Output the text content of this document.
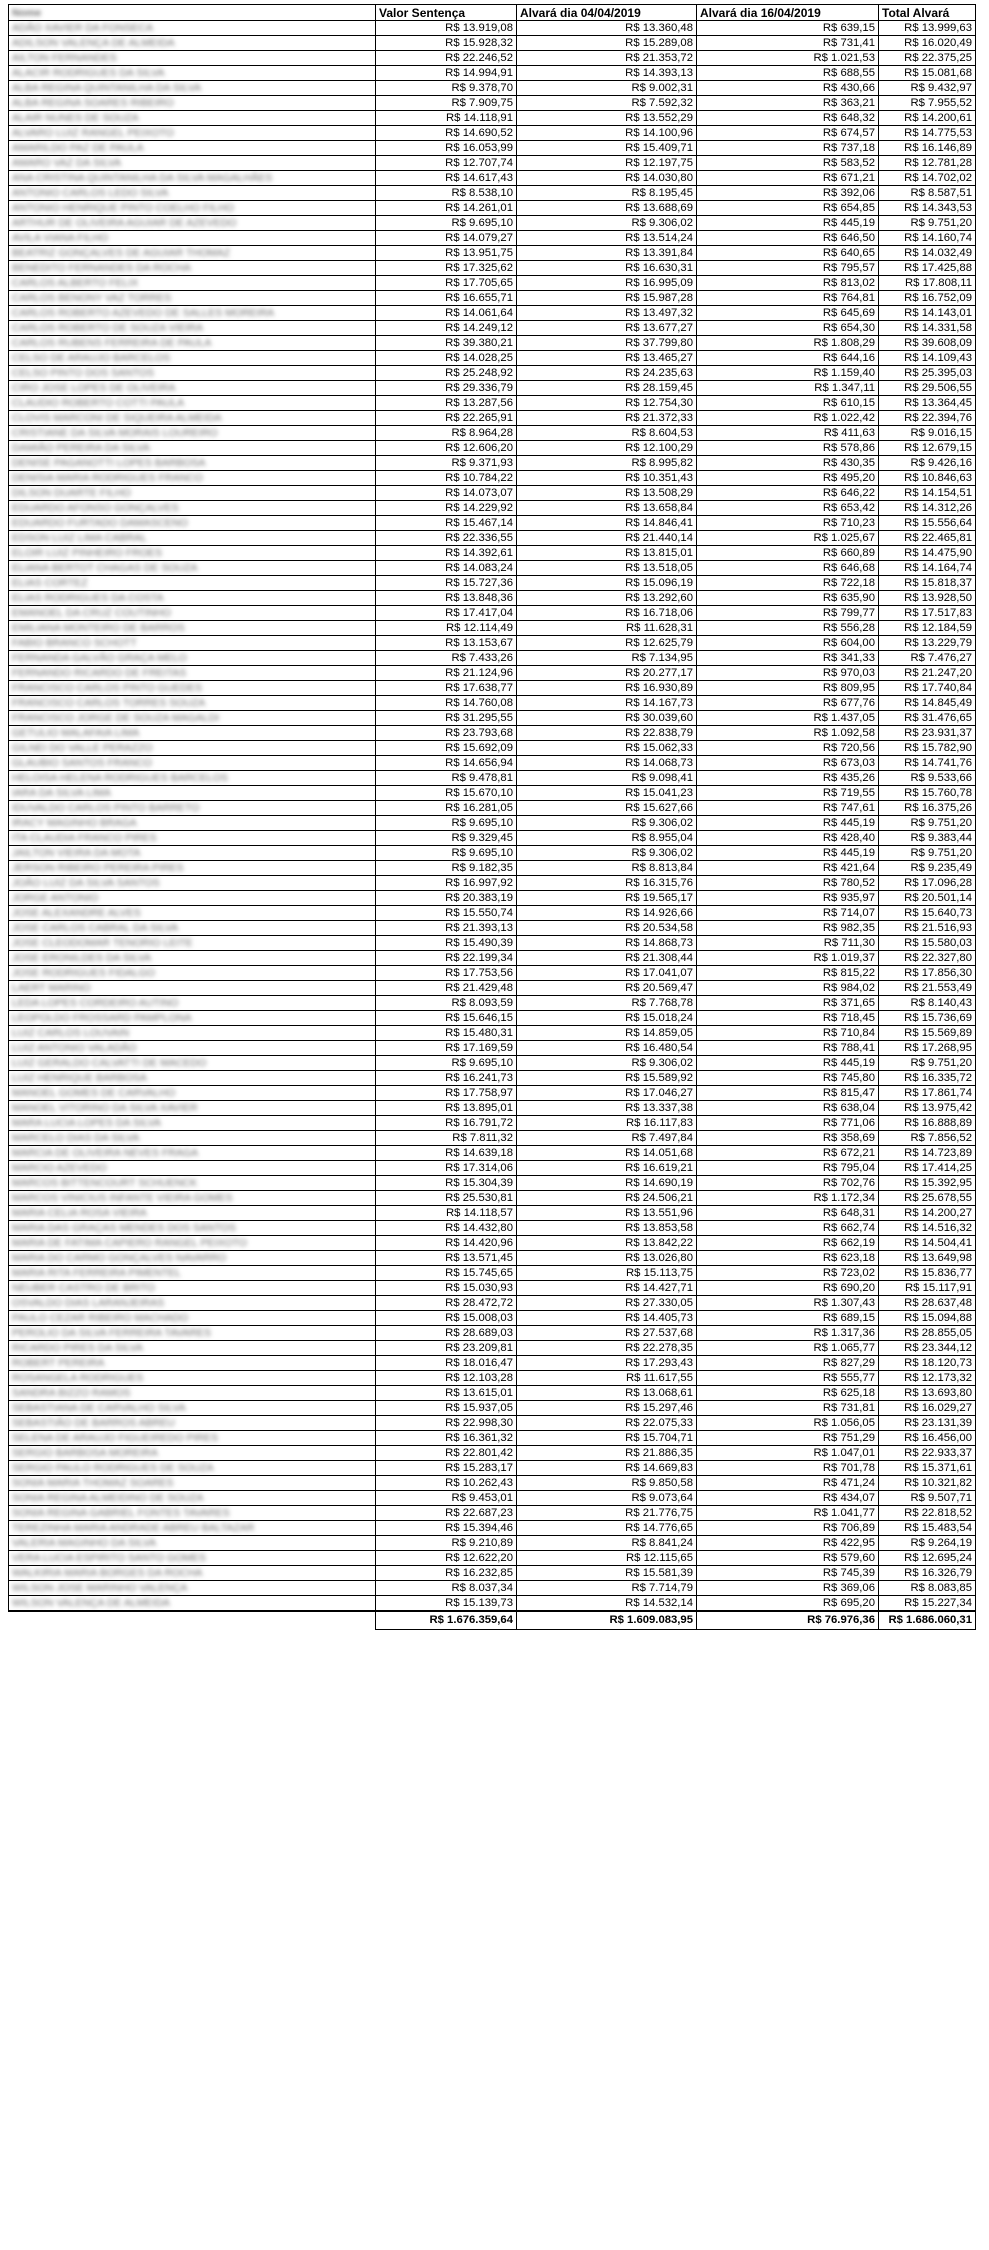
Nome	Valor Sentença	Alvará dia 04/04/2019	Alvará dia 16/04/2019	Total Alvará
ADÃO XAVIER DA FONSECA	R$ 13.919,08	R$ 13.360,48	R$ 639,15	R$ 13.999,63
ADILSON VALENÇA DE ALMEIDA	R$ 15.928,32	R$ 15.289,08	R$ 731,41	R$ 16.020,49
AILTON FERNANDES	R$ 22.246,52	R$ 21.353,72	R$ 1.021,53	R$ 22.375,25
ALACIR RODRIGUES DA SILVA	R$ 14.994,91	R$ 14.393,13	R$ 688,55	R$ 15.081,68
ALBA REGINA QUINTANILHA DA SILVA	R$ 9.378,70	R$ 9.002,31	R$ 430,66	R$ 9.432,97
ALBA REGINA SOARES RIBEIRO	R$ 7.909,75	R$ 7.592,32	R$ 363,21	R$ 7.955,52
ALAIR NUNES DE SOUZA	R$ 14.118,91	R$ 13.552,29	R$ 648,32	R$ 14.200,61
ALVARO LUIZ RANGEL PEIXOTO	R$ 14.690,52	R$ 14.100,96	R$ 674,57	R$ 14.775,53
AMARILDO PAZ DE PAULA	R$ 16.053,99	R$ 15.409,71	R$ 737,18	R$ 16.146,89
AMARO VAZ DA SILVA	R$ 12.707,74	R$ 12.197,75	R$ 583,52	R$ 12.781,28
ANA CRISTINA QUINTANILHA DA SILVA MAGALHÃES	R$ 14.617,43	R$ 14.030,80	R$ 671,21	R$ 14.702,02
ANTONIO CARLOS LEDO SILVA	R$ 8.538,10	R$ 8.195,45	R$ 392,06	R$ 8.587,51
ANTONIO HENRIQUE PINTO COELHO FILHO	R$ 14.261,01	R$ 13.688,69	R$ 654,85	R$ 14.343,53
ARTHUR DE OLIVEIRA AGUIAR DE AZEVEDO	R$ 9.695,10	R$ 9.306,02	R$ 445,19	R$ 9.751,20
AVILA VIANA FILHO	R$ 14.079,27	R$ 13.514,24	R$ 646,50	R$ 14.160,74
BEATRIZ GONÇALVES DE AGUIAR THOMAZ	R$ 13.951,75	R$ 13.391,84	R$ 640,65	R$ 14.032,49
BENEDITO FERNANDES DA ROCHA	R$ 17.325,62	R$ 16.630,31	R$ 795,57	R$ 17.425,88
CARLOS ALBERTO FELIX	R$ 17.705,65	R$ 16.995,09	R$ 813,02	R$ 17.808,11
CARLOS BENONY VAZ TORRES	R$ 16.655,71	R$ 15.987,28	R$ 764,81	R$ 16.752,09
CARLOS ROBERTO AZEVEDO DE SALLES MOREIRA	R$ 14.061,64	R$ 13.497,32	R$ 645,69	R$ 14.143,01
CARLOS ROBERTO DE SOUZA VIEIRA	R$ 14.249,12	R$ 13.677,27	R$ 654,30	R$ 14.331,58
CARLOS RUBENS FERREIRA DE PAULA	R$ 39.380,21	R$ 37.799,80	R$ 1.808,29	R$ 39.608,09
CELSO DE ARAUJO BARCELOS	R$ 14.028,25	R$ 13.465,27	R$ 644,16	R$ 14.109,43
CELSO PINTO DOS SANTOS	R$ 25.248,92	R$ 24.235,63	R$ 1.159,40	R$ 25.395,03
CIRO JOSE LOPES DE OLIVEIRA	R$ 29.336,79	R$ 28.159,45	R$ 1.347,11	R$ 29.506,55
CLAUDIO ROBERTO COTTI PAULA	R$ 13.287,56	R$ 12.754,30	R$ 610,15	R$ 13.364,45
CLOVIS MARCONI DE SIQUEIRA ALMEIDA	R$ 22.265,91	R$ 21.372,33	R$ 1.022,42	R$ 22.394,76
CRISTIANE DA SILVA MORAIS LOUREIRO	R$ 8.964,28	R$ 8.604,53	R$ 411,63	R$ 9.016,15
DAMIÃO PEREIRA DA SILVA	R$ 12.606,20	R$ 12.100,29	R$ 578,86	R$ 12.679,15
DENISE PAGANOTTI LOPES BARBOSA	R$ 9.371,93	R$ 8.995,82	R$ 430,35	R$ 9.426,16
DENISIA MARIA RODRIGUES FRANCO	R$ 10.784,22	R$ 10.351,43	R$ 495,20	R$ 10.846,63
DILSON DUARTE FILHO	R$ 14.073,07	R$ 13.508,29	R$ 646,22	R$ 14.154,51
EDUARDO AFONSO GONÇALVES	R$ 14.229,92	R$ 13.658,84	R$ 653,42	R$ 14.312,26
EDUARDO FURTADO DAMASCENO	R$ 15.467,14	R$ 14.846,41	R$ 710,23	R$ 15.556,64
EDSON LUIZ LIMA CABRAL	R$ 22.336,55	R$ 21.440,14	R$ 1.025,67	R$ 22.465,81
ELOIR LUIZ PINHEIRO FROES	R$ 14.392,61	R$ 13.815,01	R$ 660,89	R$ 14.475,90
ELIANA BERTOT CHAGAS DE SOUZA	R$ 14.083,24	R$ 13.518,05	R$ 646,68	R$ 14.164,74
ELIAS CORTEZ	R$ 15.727,36	R$ 15.096,19	R$ 722,18	R$ 15.818,37
ELIAS RODRIGUES DA COSTA	R$ 13.848,36	R$ 13.292,60	R$ 635,90	R$ 13.928,50
EMANOEL DA CRUZ COUTINHO	R$ 17.417,04	R$ 16.718,06	R$ 799,77	R$ 17.517,83
EMILIANA MONTEIRO DE BARROS	R$ 12.114,49	R$ 11.628,31	R$ 556,28	R$ 12.184,59
FABIO BRANCO SCHOTT	R$ 13.153,67	R$ 12.625,79	R$ 604,00	R$ 13.229,79
FERNANDA GALVÃO GRAÇA MELO	R$ 7.433,26	R$ 7.134,95	R$ 341,33	R$ 7.476,27
FERNANDO RICARDO DE FREITAS	R$ 21.124,96	R$ 20.277,17	R$ 970,03	R$ 21.247,20
FRANCISCO CARLOS PINTO GUEDES	R$ 17.638,77	R$ 16.930,89	R$ 809,95	R$ 17.740,84
FRANCISCO CARLOS TORRES SOUZA	R$ 14.760,08	R$ 14.167,73	R$ 677,76	R$ 14.845,49
FRANCISCO JORGE DE SOUZA MAGALDI	R$ 31.295,55	R$ 30.039,60	R$ 1.437,05	R$ 31.476,65
GETULIO MALAFAIA LIMA	R$ 23.793,68	R$ 22.838,79	R$ 1.092,58	R$ 23.931,37
GILNEI DO VALLE PERAZZO	R$ 15.692,09	R$ 15.062,33	R$ 720,56	R$ 15.782,90
GLAUBIO SANTOS FRANCO	R$ 14.656,94	R$ 14.068,73	R$ 673,03	R$ 14.741,76
HELOISA HELENA RODRIGUES BARCELOS	R$ 9.478,81	R$ 9.098,41	R$ 435,26	R$ 9.533,66
IARA DA SILVA LIMA	R$ 15.670,10	R$ 15.041,23	R$ 719,55	R$ 15.760,78
IDUVALDO CARLOS PINTO BARRETO	R$ 16.281,05	R$ 15.627,66	R$ 747,61	R$ 16.375,26
IRACY MAGINHO BRAGA	R$ 9.695,10	R$ 9.306,02	R$ 445,19	R$ 9.751,20
ITA CLAUDIA FRANCO PIRES	R$ 9.329,45	R$ 8.955,04	R$ 428,40	R$ 9.383,44
JAILTON VIEIRA DA MOTA	R$ 9.695,10	R$ 9.306,02	R$ 445,19	R$ 9.751,20
JERSON RIBEIRO PEREIRA PIRES	R$ 9.182,35	R$ 8.813,84	R$ 421,64	R$ 9.235,49
JOÃO LUIZ DA SILVA SANTOS	R$ 16.997,92	R$ 16.315,76	R$ 780,52	R$ 17.096,28
JORGE ANTONIO	R$ 20.383,19	R$ 19.565,17	R$ 935,97	R$ 20.501,14
JOSE ALEXANDRE ALVES	R$ 15.550,74	R$ 14.926,66	R$ 714,07	R$ 15.640,73
JOSE CARLOS CABRAL DA SILVA	R$ 21.393,13	R$ 20.534,58	R$ 982,35	R$ 21.516,93
JOSE CLEODOMAR TENORIO LEITE	R$ 15.490,39	R$ 14.868,73	R$ 711,30	R$ 15.580,03
JOSE ERONILDES DA SILVA	R$ 22.199,34	R$ 21.308,44	R$ 1.019,37	R$ 22.327,80
JOSE RODRIGUES FIDALGO	R$ 17.753,56	R$ 17.041,07	R$ 815,22	R$ 17.856,30
LAERT MARINO	R$ 21.429,48	R$ 20.569,47	R$ 984,02	R$ 21.553,49
LEDA LOPES CORDEIRO AUTINO	R$ 8.093,59	R$ 7.768,78	R$ 371,65	R$ 8.140,43
LEOPOLDO FROSSARD PAMPLONA	R$ 15.646,15	R$ 15.018,24	R$ 718,45	R$ 15.736,69
LUIZ CARLOS LOUVAIN	R$ 15.480,31	R$ 14.859,05	R$ 710,84	R$ 15.569,89
LUIZ ANTONIO VALADÃO	R$ 17.169,59	R$ 16.480,54	R$ 788,41	R$ 17.268,95
LUIZ GERALDO CALVATTI DE MACEDO	R$ 9.695,10	R$ 9.306,02	R$ 445,19	R$ 9.751,20
LUIZ HENRIQUE BARBOSA	R$ 16.241,73	R$ 15.589,92	R$ 745,80	R$ 16.335,72
MANOEL GOMES DE CARVALHO	R$ 17.758,97	R$ 17.046,27	R$ 815,47	R$ 17.861,74
MANOEL VITORINO DA SILVA XAVIER	R$ 13.895,01	R$ 13.337,38	R$ 638,04	R$ 13.975,42
MARA LUCIA LOPES DA SILVA	R$ 16.791,72	R$ 16.117,83	R$ 771,06	R$ 16.888,89
MARCELO DIAS DA SILVA	R$ 7.811,32	R$ 7.497,84	R$ 358,69	R$ 7.856,52
MARCIA DE OLIVEIRA NEVES FRAGA	R$ 14.639,18	R$ 14.051,68	R$ 672,21	R$ 14.723,89
MARCIO AZEVEDO	R$ 17.314,06	R$ 16.619,21	R$ 795,04	R$ 17.414,25
MARCOS BITTENCOURT SCHUENCK	R$ 15.304,39	R$ 14.690,19	R$ 702,76	R$ 15.392,95
MARCOS VINICIUS INFANTE VIEIRA GOMES	R$ 25.530,81	R$ 24.506,21	R$ 1.172,34	R$ 25.678,55
MARIA CELIA ROSA VIEIRA	R$ 14.118,57	R$ 13.551,96	R$ 648,31	R$ 14.200,27
MARIA DAS GRAÇAS MENDES DOS SANTOS	R$ 14.432,80	R$ 13.853,58	R$ 662,74	R$ 14.516,32
MARIA DE FATIMA CAPIERO RANGEL PEIXOTO	R$ 14.420,96	R$ 13.842,22	R$ 662,19	R$ 14.504,41
MARIA DO CARMO GONÇALVES NAVARRO	R$ 13.571,45	R$ 13.026,80	R$ 623,18	R$ 13.649,98
MARIA RITA FERREIRA PIMENTEL	R$ 15.745,65	R$ 15.113,75	R$ 723,02	R$ 15.836,77
NEUBER CASTRO DE BRITO	R$ 15.030,93	R$ 14.427,71	R$ 690,20	R$ 15.117,91
OSVALDO DIAS LARANJEIRAS	R$ 28.472,72	R$ 27.330,05	R$ 1.307,43	R$ 28.637,48
PAULO CEZAR RIBEIRO MACHADO	R$ 15.008,03	R$ 14.405,73	R$ 689,15	R$ 15.094,88
PEROLIO DA SILVA FERREIRA TAVARES	R$ 28.689,03	R$ 27.537,68	R$ 1.317,36	R$ 28.855,05
RICARDO PIRES DA SILVA	R$ 23.209,81	R$ 22.278,35	R$ 1.065,77	R$ 23.344,12
ROBERT PEREIRA	R$ 18.016,47	R$ 17.293,43	R$ 827,29	R$ 18.120,73
ROSANGELA RODRIGUES	R$ 12.103,28	R$ 11.617,55	R$ 555,77	R$ 12.173,32
SANDRA BIZZO RAMOS	R$ 13.615,01	R$ 13.068,61	R$ 625,18	R$ 13.693,80
SEBASTIANA DE CARVALHO SILVA	R$ 15.937,05	R$ 15.297,46	R$ 731,81	R$ 16.029,27
SEBASTIÃO DE BARROS ABREU	R$ 22.998,30	R$ 22.075,33	R$ 1.056,05	R$ 23.131,39
SELENA DE ARAUJO FIGUEIREDO PIRES	R$ 16.361,32	R$ 15.704,71	R$ 751,29	R$ 16.456,00
SERGIO BARBOSA MOREIRA	R$ 22.801,42	R$ 21.886,35	R$ 1.047,01	R$ 22.933,37
SERGIO PAULO RODRIGUES DE SOUZA	R$ 15.283,17	R$ 14.669,83	R$ 701,78	R$ 15.371,61
SONIA MARIA THOMAZ SOARES	R$ 10.262,43	R$ 9.850,58	R$ 471,24	R$ 10.321,82
SONIA REGINA ALMEIDINO DE SOUZA	R$ 9.453,01	R$ 9.073,64	R$ 434,07	R$ 9.507,71
SONIA REGINA GABRIEL FONTES TAVARES	R$ 22.687,23	R$ 21.776,75	R$ 1.041,77	R$ 22.818,52
TEREZINHA MARIA ANDRADE ABREU BALTAZAR	R$ 15.394,46	R$ 14.776,65	R$ 706,89	R$ 15.483,54
VALERIA MAGINHO DA SILVA	R$ 9.210,89	R$ 8.841,24	R$ 422,95	R$ 9.264,19
VERA LUCIA ESPIRITO SANTO GOMES	R$ 12.622,20	R$ 12.115,65	R$ 579,60	R$ 12.695,24
WALKIRIA MARIA BORGES DA ROCHA	R$ 16.232,85	R$ 15.581,39	R$ 745,39	R$ 16.326,79
WILSON JOSE MARINHO VALENÇA	R$ 8.037,34	R$ 7.714,79	R$ 369,06	R$ 8.083,85
WILSON VALENÇA DE ALMEIDA	R$ 15.139,73	R$ 14.532,14	R$ 695,20	R$ 15.227,34
	R$ 1.676.359,64	R$ 1.609.083,95	R$ 76.976,36	R$ 1.686.060,31
